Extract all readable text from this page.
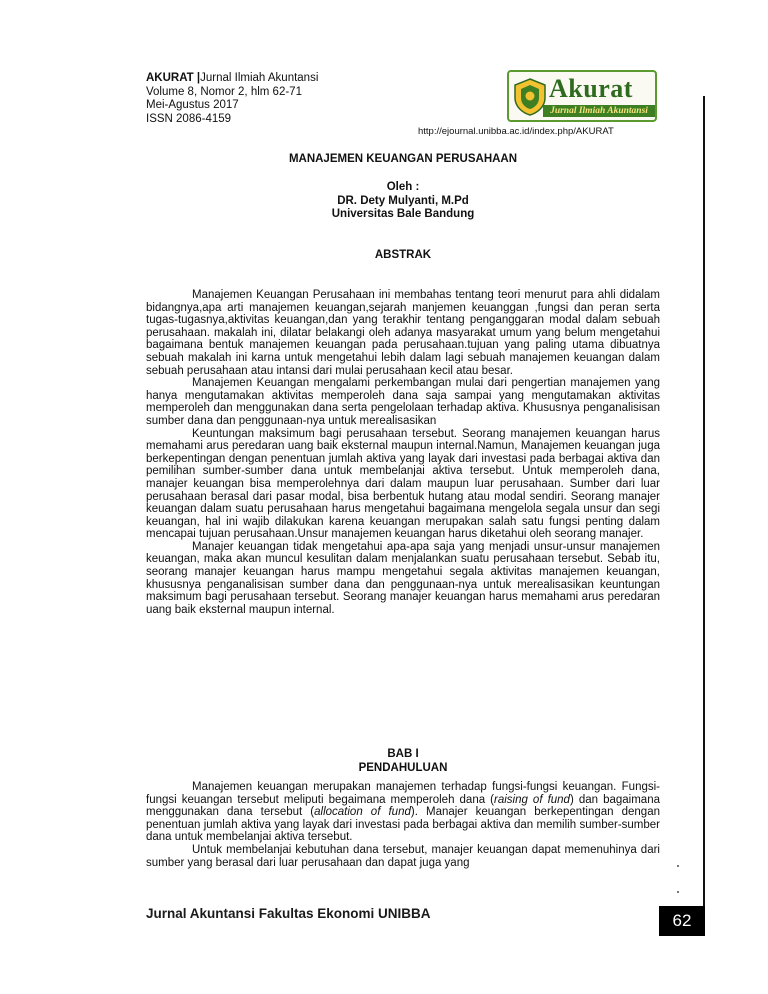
AKURAT |Jurnal Ilmiah Akuntansi
Volume 8, Nomor 2, hlm 62-71
Mei-Agustus 2017
ISSN 2086-4159
Akurat
Jurnal Ilmiah Akuntansi
http://ejournal.unibba.ac.id/index.php/AKURAT
MANAJEMEN KEUANGAN PERUSAHAAN
Oleh :
DR. Dety Mulyanti, M.Pd
Universitas Bale Bandung
ABSTRAK

Manajemen Keuangan Perusahaan ini membahas tentang teori menurut para ahli didalam bidangnya,apa arti manajemen keuangan,sejarah manjemen keuanggan ,fungsi dan peran serta tugas-tugasnya,aktivitas keuangan,dan yang terakhir tentang penganggaran modal dalam sebuah perusahaan. makalah ini, dilatar belakangi oleh adanya masyarakat umum yang belum mengetahui bagaimana bentuk manajemen keuangan pada perusahaan.tujuan yang paling utama dibuatnya sebuah makalah ini karna untuk mengetahui lebih dalam lagi sebuah manajemen keuangan dalam sebuah perusahaan atau intansi dari mulai perusahaan kecil atau besar.

Manajemen Keuangan mengalami perkembangan mulai dari pengertian manajemen yang hanya mengutamakan aktivitas memperoleh dana saja sampai yang mengutamakan aktivitas memperoleh dan menggunakan dana serta pengelolaan terhadap aktiva. Khususnya penganalisisan sumber dana dan penggunaan-nya untuk merealisasikan

Keuntungan maksimum bagi perusahaan tersebut. Seorang manajemen keuangan harus memahami arus peredaran uang baik eksternal maupun internal.Namun, Manajemen keuangan juga berkepentingan dengan penentuan jumlah aktiva yang layak dari investasi pada berbagai aktiva dan pemilihan sumber-sumber dana untuk membelanjai aktiva tersebut. Untuk memperoleh dana, manajer keuangan bisa memperolehnya dari dalam maupun luar perusahaan. Sumber dari luar perusahaan berasal dari pasar modal, bisa berbentuk hutang atau modal sendiri. Seorang manajer keuangan dalam suatu perusahaan harus mengetahui bagaimana mengelola segala unsur dan segi keuangan, hal ini wajib dilakukan karena keuangan merupakan salah satu fungsi penting dalam mencapai tujuan perusahaan.Unsur manajemen keuangan harus diketahui oleh seorang manajer.

Manajer keuangan tidak mengetahui apa-apa saja yang menjadi unsur-unsur manajemen keuangan, maka akan muncul kesulitan dalam menjalankan suatu perusahaan tersebut. Sebab itu, seorang manajer keuangan harus mampu mengetahui segala aktivitas manajemen keuangan, khususnya penganalisisan sumber dana dan penggunaan-nya untuk merealisasikan keuntungan maksimum bagi perusahaan tersebut. Seorang manajer keuangan harus memahami arus peredaran uang baik eksternal maupun internal.

BAB I
PENDAHULUAN

Manajemen keuangan merupakan manajemen terhadap fungsi-fungsi keuangan. Fungsi-fungsi keuangan tersebut meliputi begaimana memperoleh dana (raising of fund) dan bagaimana menggunakan dana tersebut (allocation of fund). Manajer keuangan berkepentingan dengan penentuan jumlah aktiva yang layak dari investasi pada berbagai aktiva dan memilih sumber-sumber dana untuk membelanjai aktiva tersebut.

Untuk membelanjai kebutuhan dana tersebut, manajer keuangan dapat memenuhinya dari sumber yang berasal dari luar perusahaan dan dapat juga yang

Jurnal Akuntansi Fakultas Ekonomi UNIBBA	62
